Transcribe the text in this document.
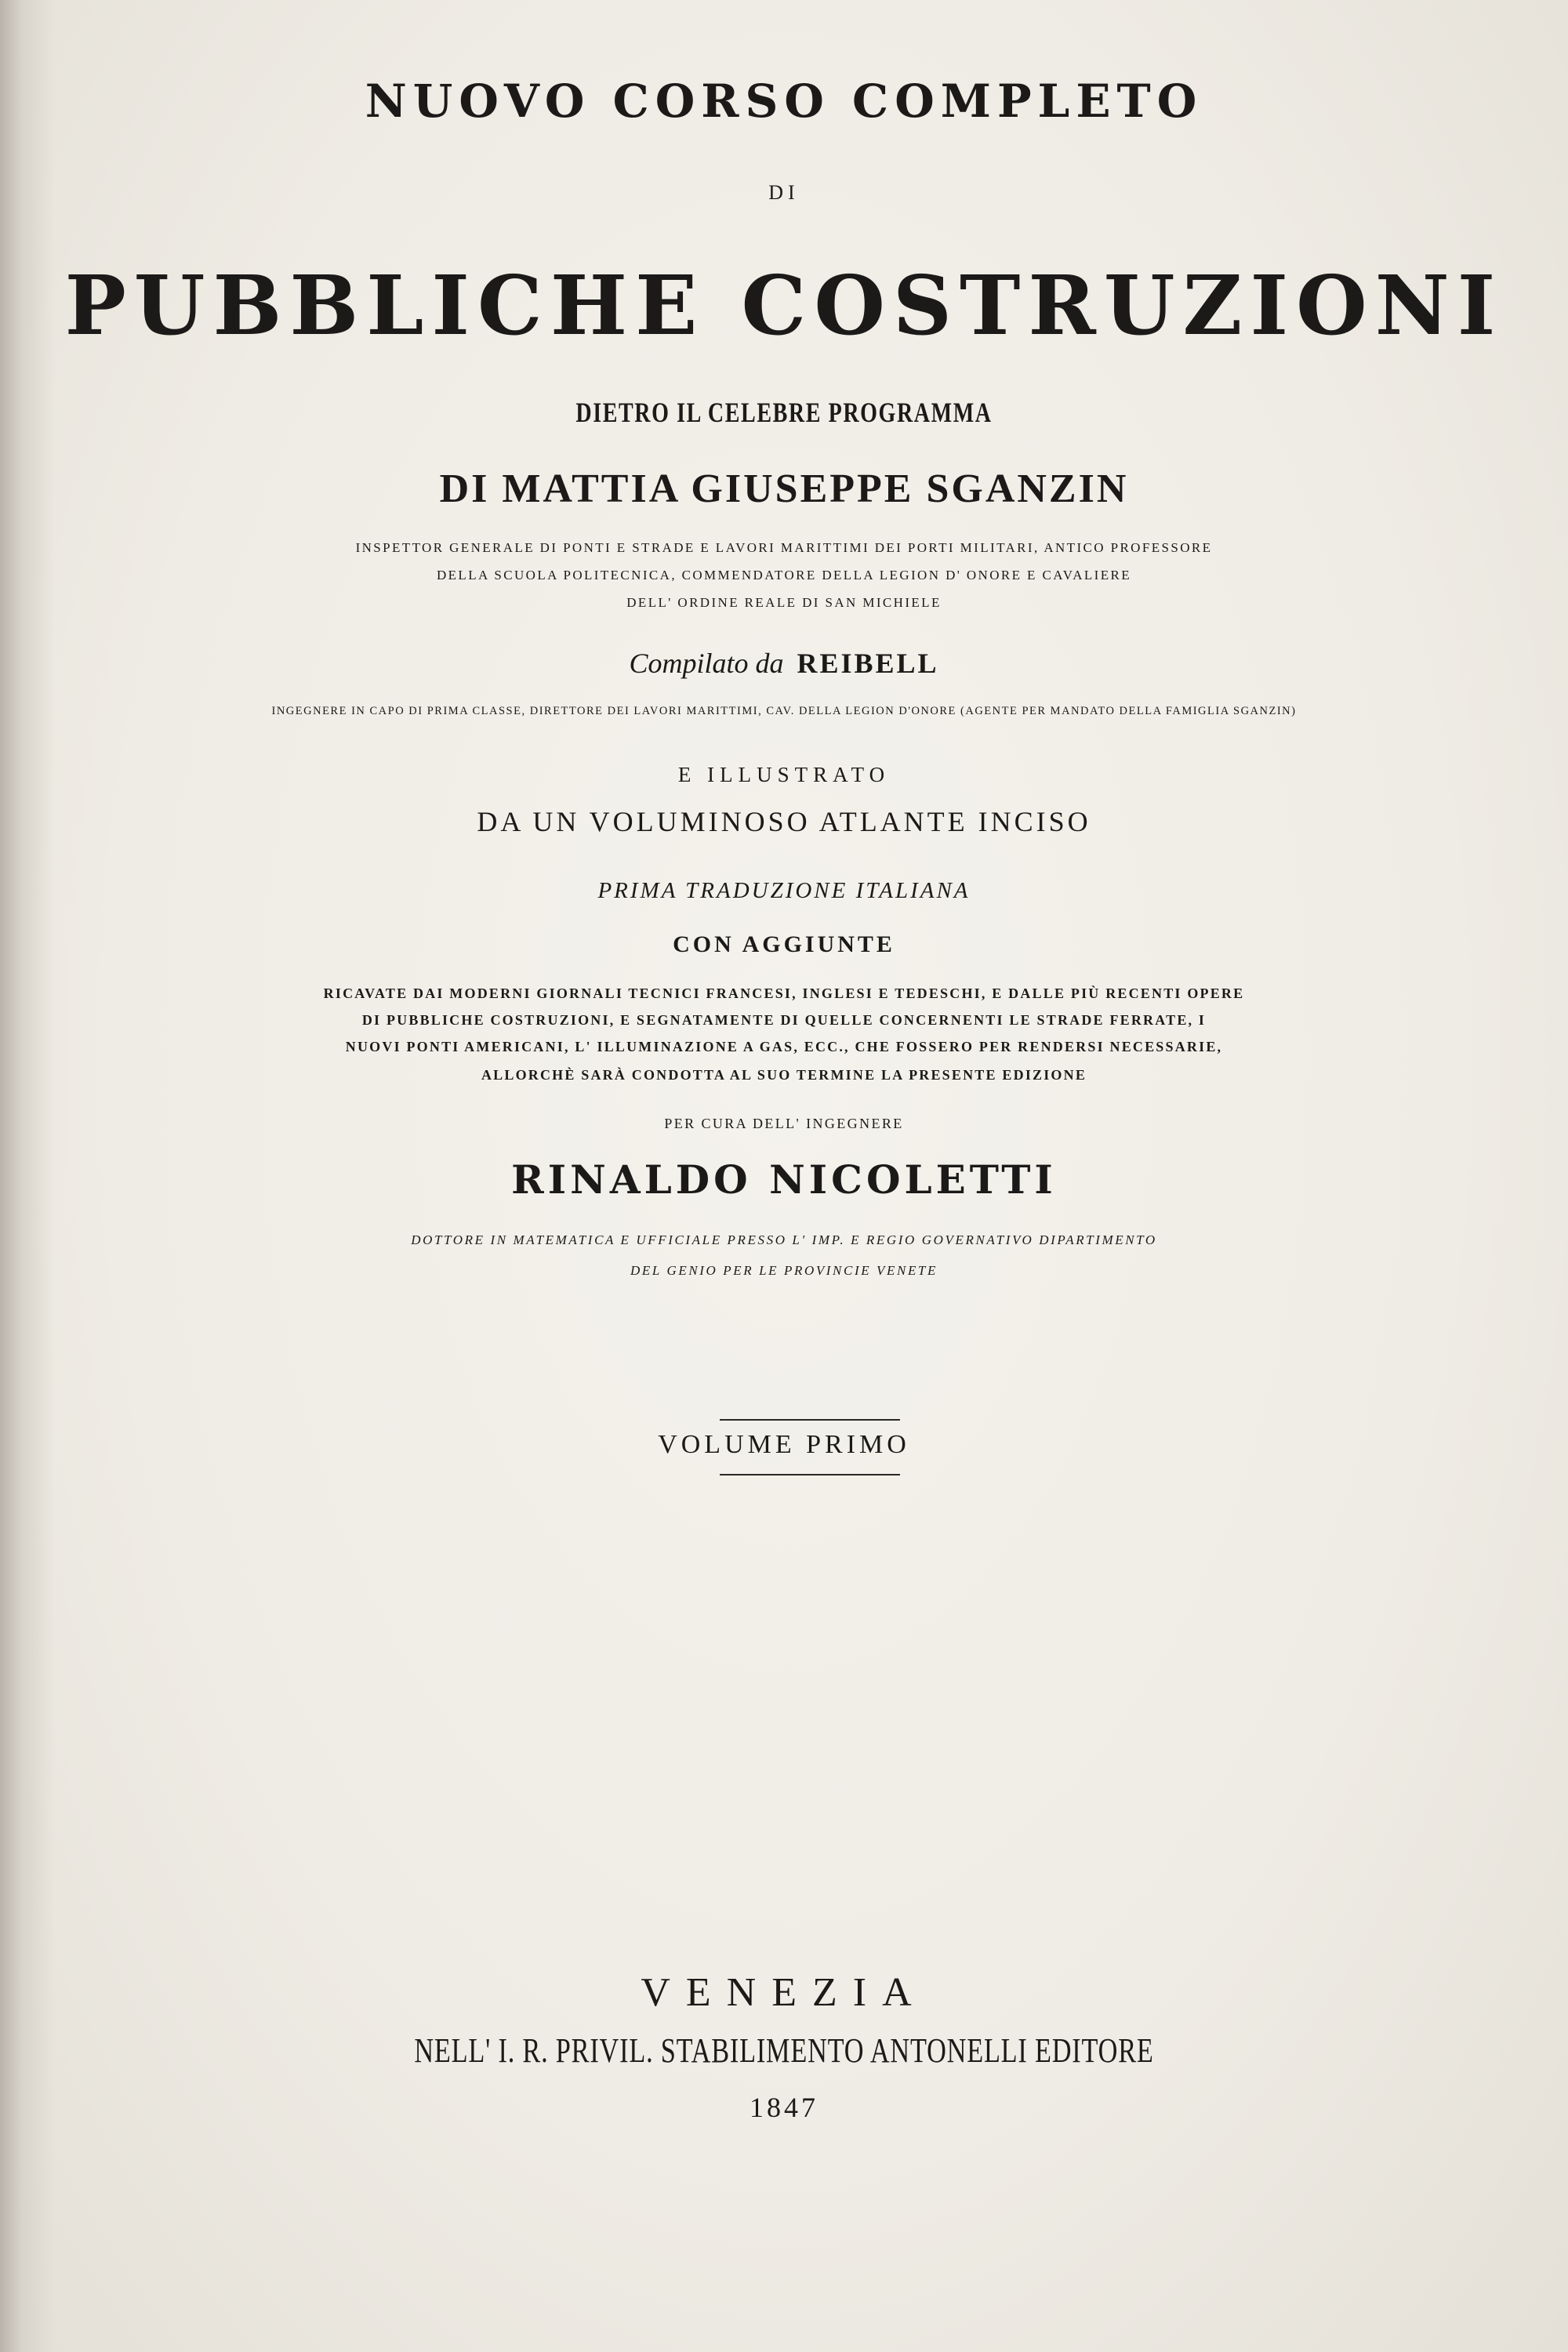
NUOVO CORSO COMPLETO
DI
PUBBLICHE COSTRUZIONI
DIETRO IL CELEBRE PROGRAMMA
DI MATTIA GIUSEPPE SGANZIN
INSPETTOR GENERALE DI PONTI E STRADE E LAVORI MARITTIMI DEI PORTI MILITARI, ANTICO PROFESSORE
DELLA SCUOLA POLITECNICA, COMMENDATORE DELLA LEGION D' ONORE E CAVALIERE
DELL' ORDINE REALE DI SAN MICHIELE
Compilato da REIBELL
INGEGNERE IN CAPO DI PRIMA CLASSE, DIRETTORE DEI LAVORI MARITTIMI, CAV. DELLA LEGION D'ONORE (AGENTE PER MANDATO DELLA FAMIGLIA SGANZIN)
E ILLUSTRATO
DA UN VOLUMINOSO ATLANTE INCISO
PRIMA TRADUZIONE ITALIANA
CON AGGIUNTE
RICAVATE DAI MODERNI GIORNALI TECNICI FRANCESI, INGLESI E TEDESCHI, E DALLE PIÙ RECENTI OPERE
DI PUBBLICHE COSTRUZIONI, E SEGNATAMENTE DI QUELLE CONCERNENTI LE STRADE FERRATE, I
NUOVI PONTI AMERICANI, L' ILLUMINAZIONE A GAS, ECC., CHE FOSSERO PER RENDERSI NECESSARIE,
ALLORCHÈ SARÀ CONDOTTA AL SUO TERMINE LA PRESENTE EDIZIONE
PER CURA DELL' INGEGNERE
RINALDO NICOLETTI
DOTTORE IN MATEMATICA E UFFICIALE PRESSO L' IMP. E REGIO GOVERNATIVO DIPARTIMENTO
DEL GENIO PER LE PROVINCIE VENETE
VOLUME PRIMO
VENEZIA
NELL' I. R. PRIVIL. STABILIMENTO ANTONELLI EDITORE
1847
